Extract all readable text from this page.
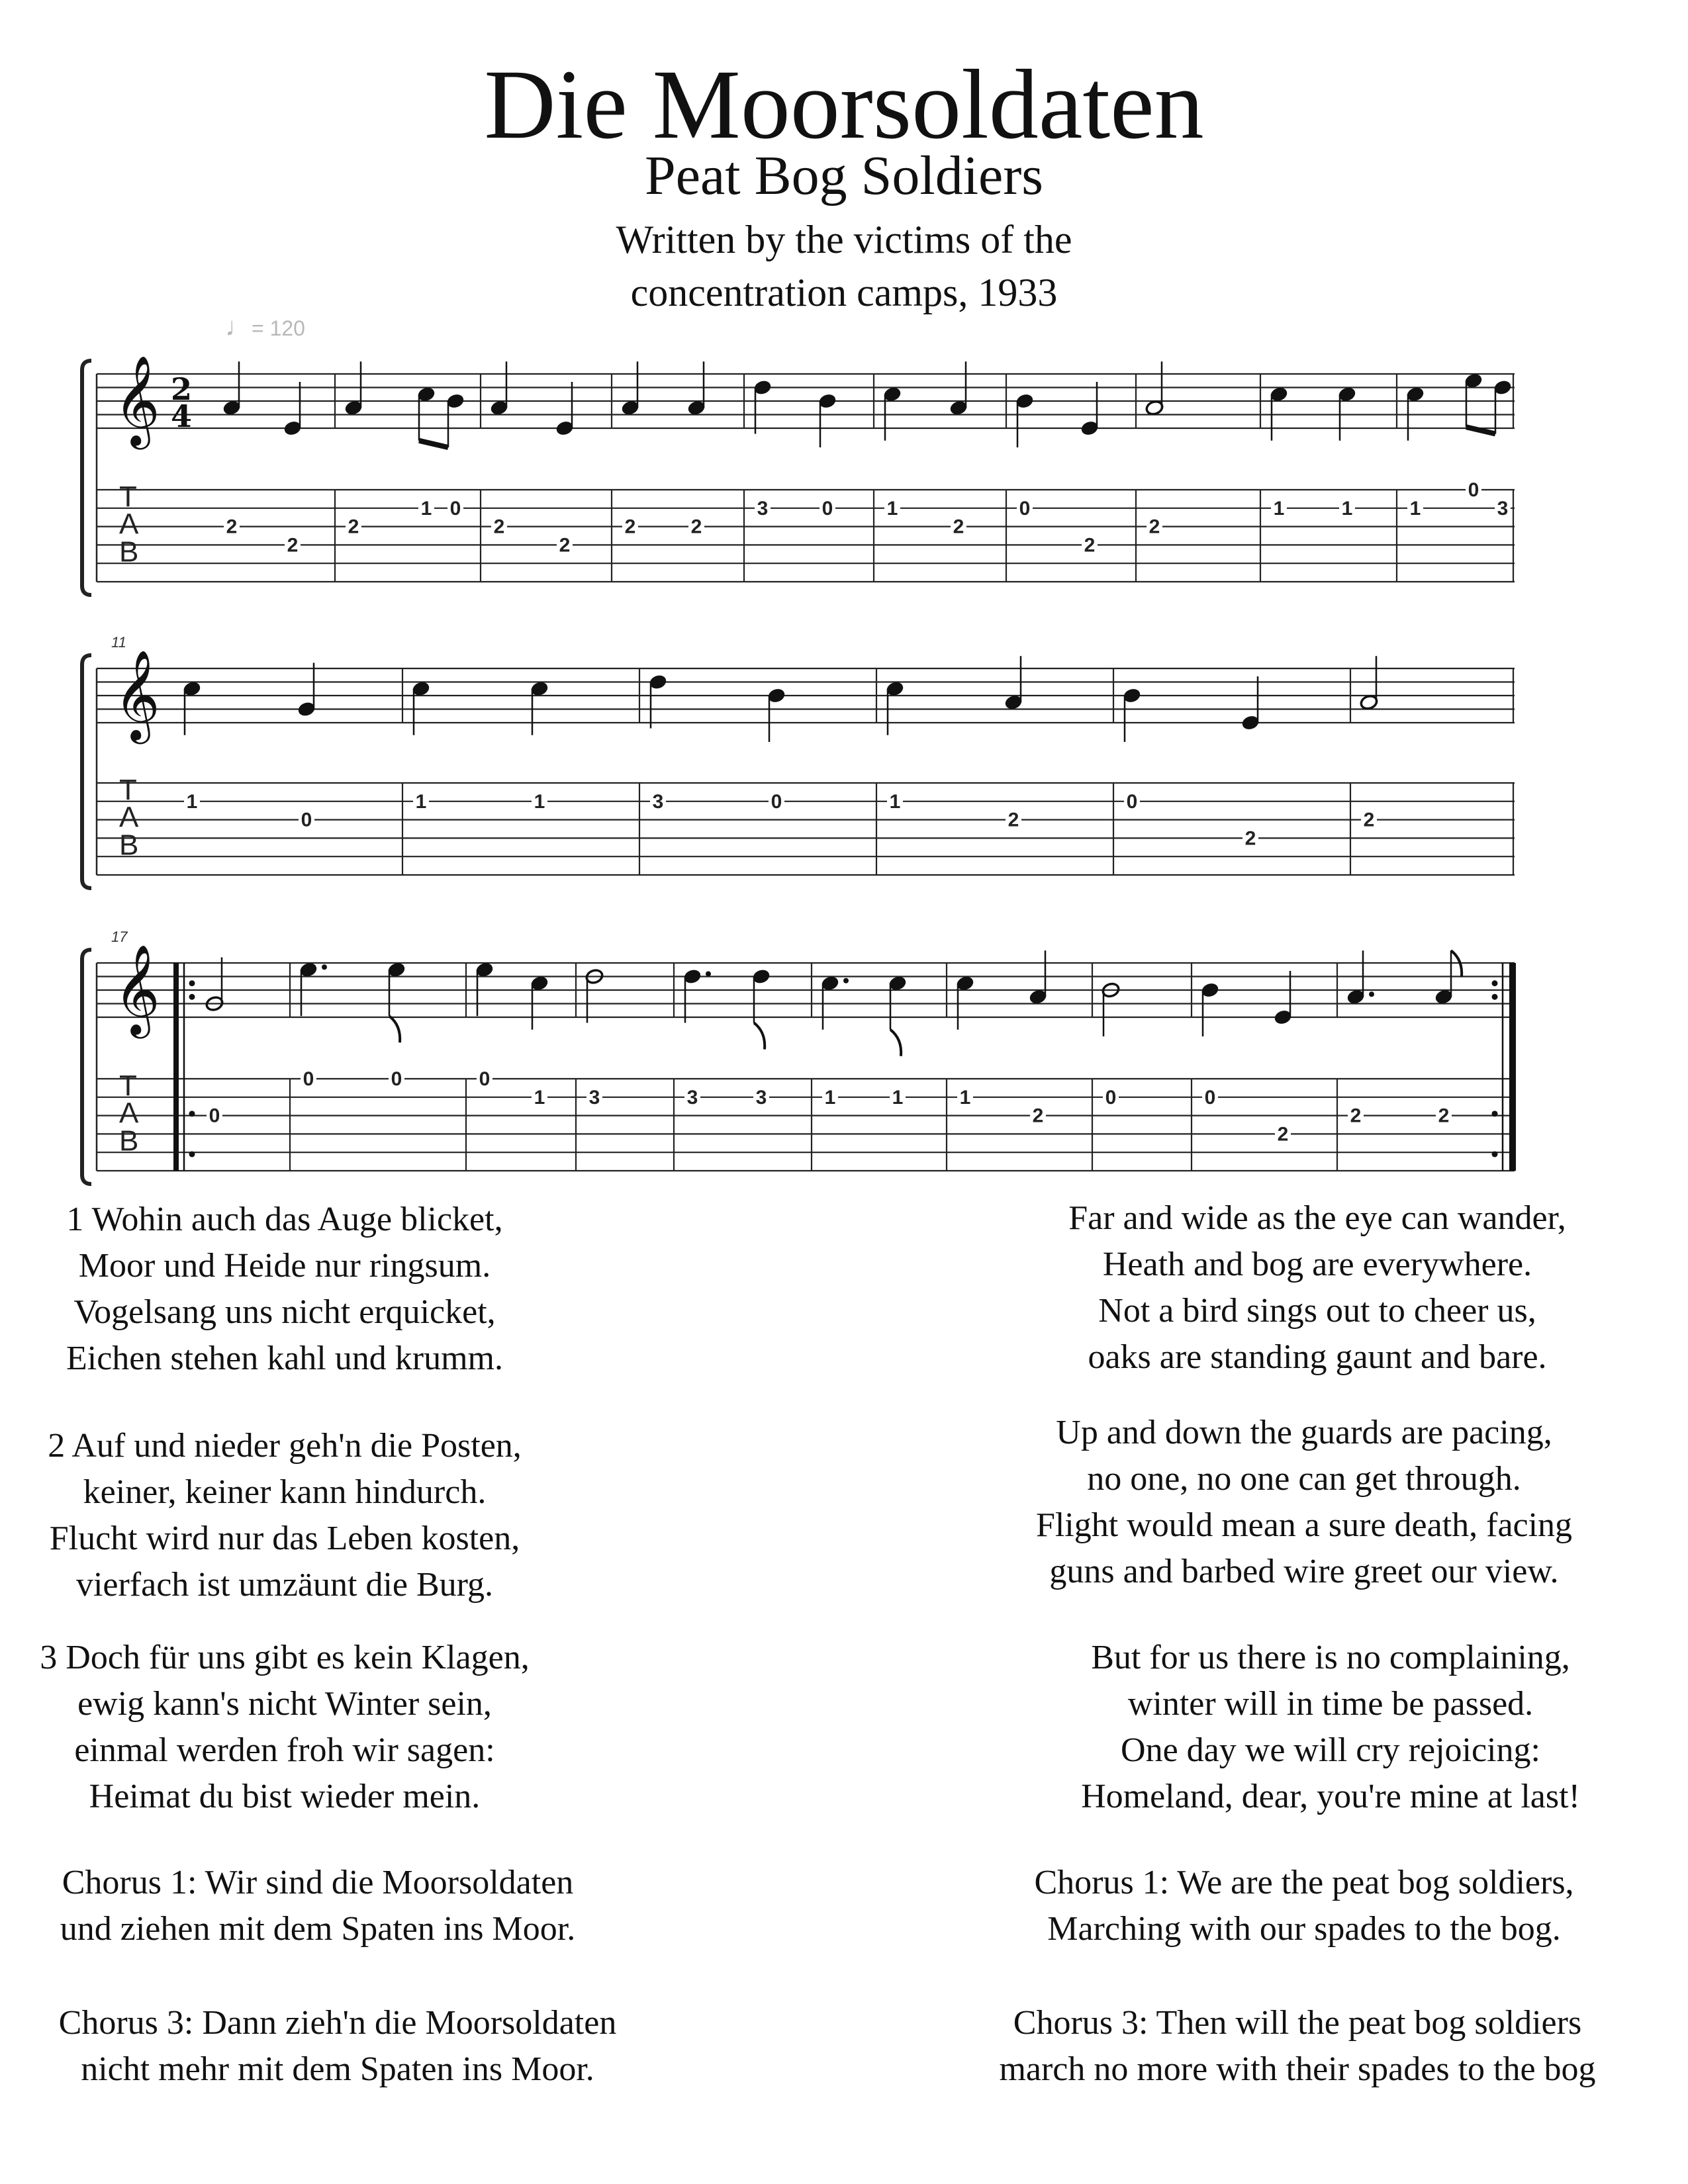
Die Moorsoldaten
Peat Bog Soldiers
Written by the victims of the
concentration camps, 1933
♩= 120
𝄞
T
A
B
2
4
2
2
2
1 0
2
2
2	2
3	0	1
2
0
2
2
1	1	1
0
3
𝄞
T
A
B
11
1
0
1	1	3	0	1
2
0
2
2
𝄞
T
A
B
17
0
0	0	0
1 3	3	3	1	1	1
2
0	0
2
2	2
1 Wohin auch das Auge blicket,
Moor und Heide nur ringsum.
Vogelsang uns nicht erquicket,
Eichen stehen kahl und krumm.
2 Auf und nieder geh'n die Posten,
keiner, keiner kann hindurch.
Flucht wird nur das Leben kosten,
vierfach ist umzäunt die Burg.
3 Doch für uns gibt es kein Klagen,
ewig kann's nicht Winter sein,
einmal werden froh wir sagen:
Heimat du bist wieder mein.
Chorus 1: Wir sind die Moorsoldaten
und ziehen mit dem Spaten ins Moor.
Chorus 3: Dann zieh'n die Moorsoldaten
nicht mehr mit dem Spaten ins Moor.
Far and wide as the eye can wander,
Heath and bog are everywhere.
Not a bird sings out to cheer us,
oaks are standing gaunt and bare.
Up and down the guards are pacing,
no one, no one can get through.
Flight would mean a sure death, facing
guns and barbed wire greet our view.
But for us there is no complaining,
winter will in time be passed.
One day we will cry rejoicing:
Homeland, dear, you're mine at last!
Chorus 1: We are the peat bog soldiers,
Marching with our spades to the bog.
Chorus 3: Then will the peat bog soldiers
march no more with their spades to the bog
